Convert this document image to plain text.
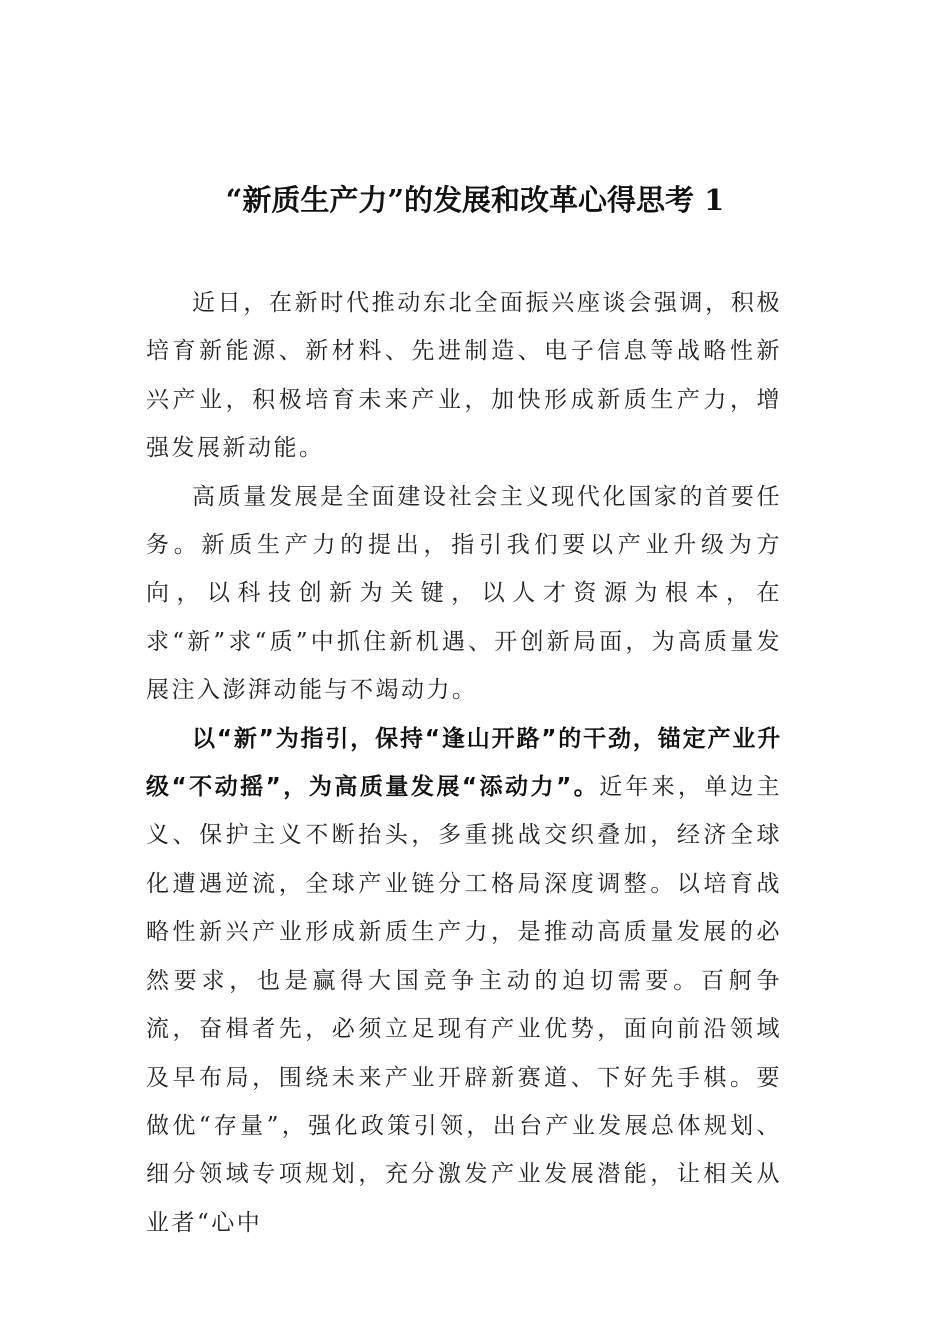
“新质生产力”的发展和改革心得思考 1

近日，在新时代推动东北全面振兴座谈会强调，积极培育新能源、新材料、先进制造、电子信息等战略性新兴产业，积极培育未来产业，加快形成新质生产力，增强发展新动能。

高质量发展是全面建设社会主义现代化国家的首要任务。新质生产力的提出，指引我们要以产业升级为方向，以科技创新为关键，以人才资源为根本，在求“新”求“质”中抓住新机遇、开创新局面，为高质量发展注入澎湃动能与不竭动力。

以“新”为指引，保持“逢山开路”的干劲，锚定产业升级“不动摇”，为高质量发展“添动力”。近年来，单边主义、保护主义不断抬头，多重挑战交织叠加，经济全球化遭遇逆流，全球产业链分工格局深度调整。以培育战略性新兴产业形成新质生产力，是推动高质量发展的必然要求，也是赢得大国竞争主动的迫切需要。百舸争流，奋楫者先，必须立足现有产业优势，面向前沿领域及早布局，围绕未来产业开辟新赛道、下好先手棋。要做优“存量”，强化政策引领，出台产业发展总体规划、细分领域专项规划，充分激发产业发展潜能，让相关从业者“心中
